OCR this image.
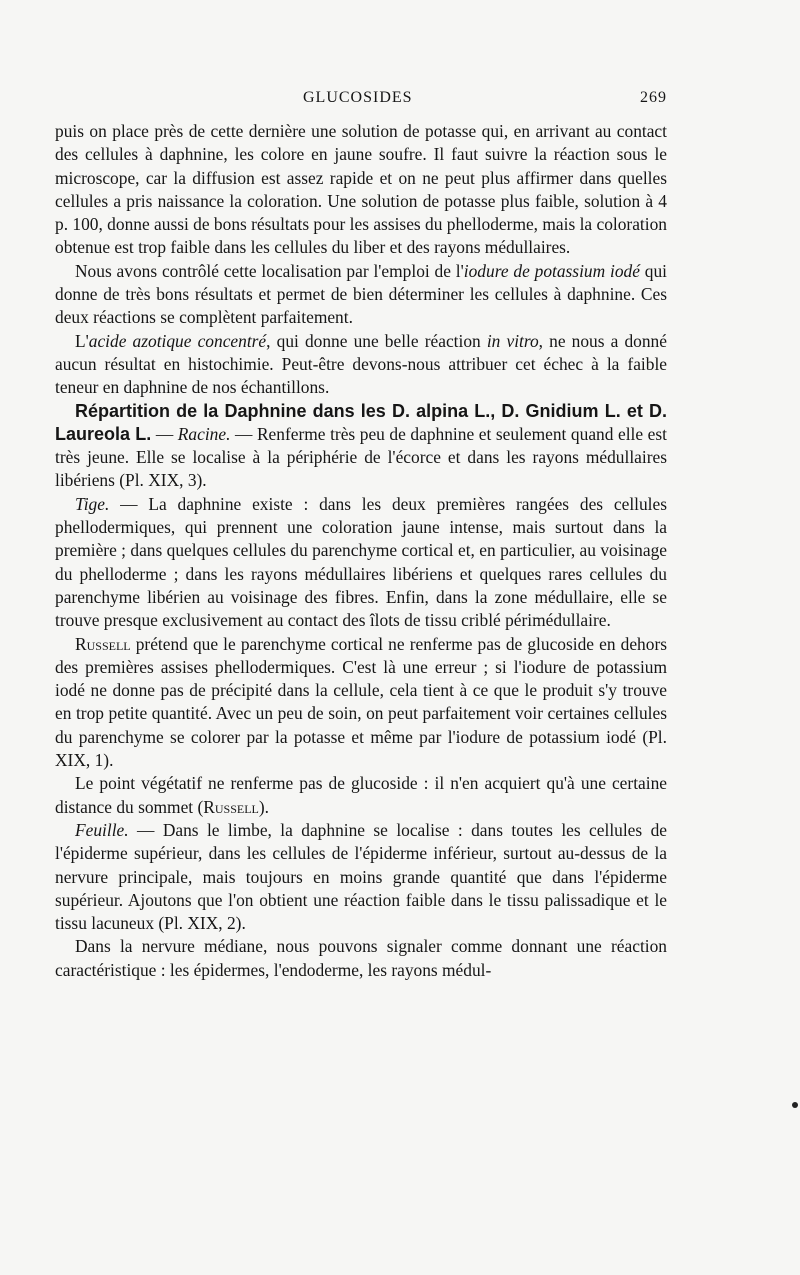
GLUCOSIDES	269

puis on place près de cette dernière une solution de potasse qui, en arrivant au contact des cellules à daphnine, les colore en jaune soufre. Il faut suivre la réaction sous le microscope, car la diffusion est assez rapide et on ne peut plus affirmer dans quelles cellules a pris naissance la coloration. Une solution de potasse plus faible, solution à 4 p. 100, donne aussi de bons résultats pour les assises du phelloderme, mais la coloration obtenue est trop faible dans les cellules du liber et des rayons médullaires.

Nous avons contrôlé cette localisation par l'emploi de l'iodure de potassium iodé qui donne de très bons résultats et permet de bien déterminer les cellules à daphnine. Ces deux réactions se complètent parfaitement.

L'acide azotique concentré, qui donne une belle réaction in vitro, ne nous a donné aucun résultat en histochimie. Peut-être devons-nous attribuer cet échec à la faible teneur en daphnine de nos échantillons.

Répartition de la Daphnine dans les D. alpina L., D. Gnidium L. et D. Laureola L. — Racine. — Renferme très peu de daphnine et seulement quand elle est très jeune. Elle se localise à la périphérie de l'écorce et dans les rayons médullaires libériens (Pl. XIX, 3).

Tige. — La daphnine existe : dans les deux premières rangées des cellules phellodermiques, qui prennent une coloration jaune intense, mais surtout dans la première ; dans quelques cellules du parenchyme cortical et, en particulier, au voisinage du phelloderme ; dans les rayons médullaires libériens et quelques rares cellules du parenchyme libérien au voisinage des fibres. Enfin, dans la zone médullaire, elle se trouve presque exclusivement au contact des îlots de tissu criblé périmédullaire.

Russell prétend que le parenchyme cortical ne renferme pas de glucoside en dehors des premières assises phellodermiques. C'est là une erreur ; si l'iodure de potassium iodé ne donne pas de précipité dans la cellule, cela tient à ce que le produit s'y trouve en trop petite quantité. Avec un peu de soin, on peut parfaitement voir certaines cellules du parenchyme se colorer par la potasse et même par l'iodure de potassium iodé (Pl. XIX, 1).

Le point végétatif ne renferme pas de glucoside : il n'en acquiert qu'à une certaine distance du sommet (Russell).

Feuille. — Dans le limbe, la daphnine se localise : dans toutes les cellules de l'épiderme supérieur, dans les cellules de l'épiderme inférieur, surtout au-dessus de la nervure principale, mais toujours en moins grande quantité que dans l'épiderme supérieur. Ajoutons que l'on obtient une réaction faible dans le tissu palissadique et le tissu lacuneux (Pl. XIX, 2).

Dans la nervure médiane, nous pouvons signaler comme donnant une réaction caractéristique : les épidermes, l'endoderme, les rayons médul-
